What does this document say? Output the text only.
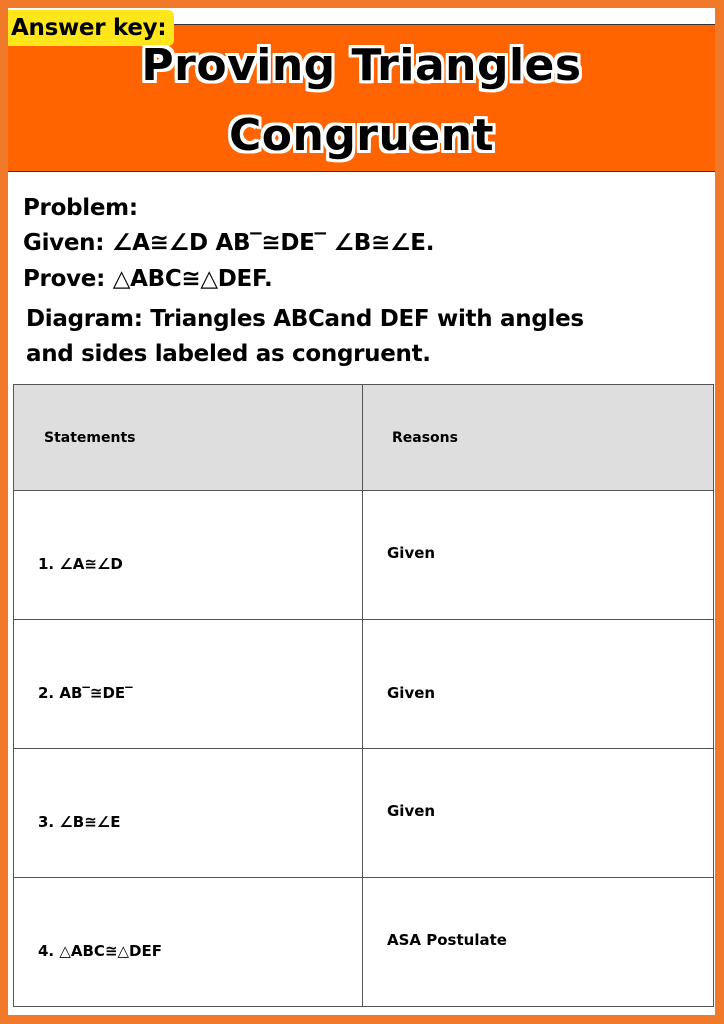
Answer key:
Proving Triangles
Congruent
Problem:
Given: ∠A≅∠D AB‾≅DE‾ ∠B≅∠E.
Prove: △ABC≅△DEF.
Diagram: Triangles ABCand DEF with angles
and sides labeled as congruent.
Statements	Reasons

1. ∠A≅∠D	Given

2. AB‾≅DE‾	Given

3. ∠B≅∠E	Given

4. △ABC≅△DEF	ASA Postulate
